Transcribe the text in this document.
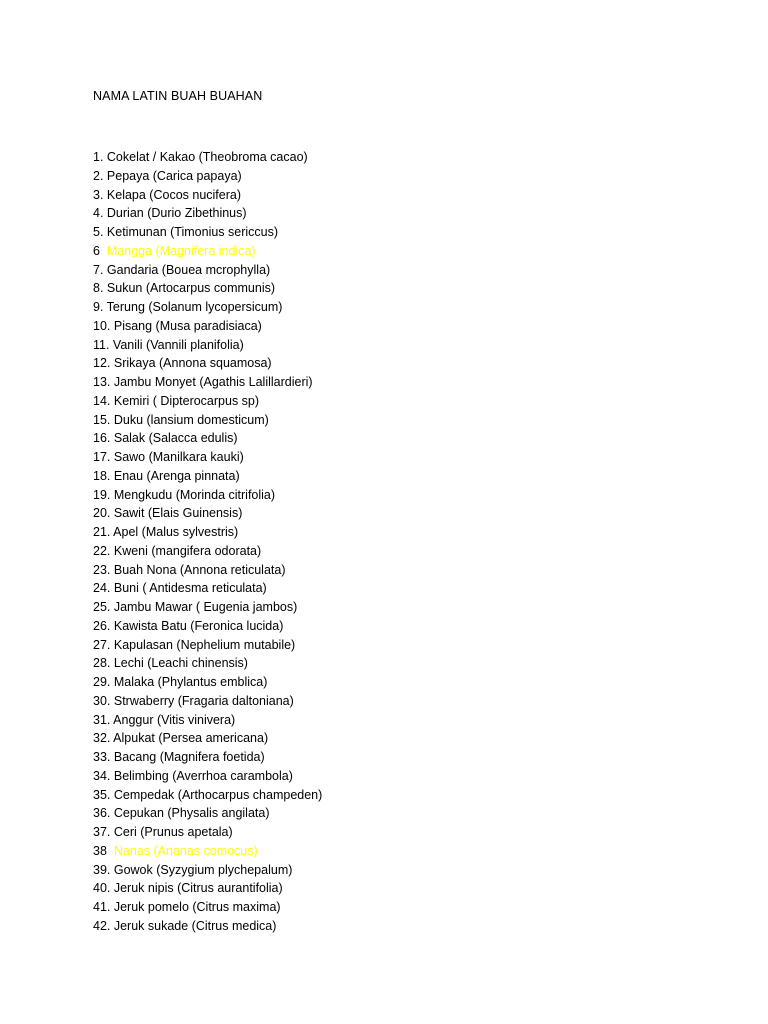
NAMA LATIN BUAH BUAHAN
1. Cokelat / Kakao (Theobroma cacao)
2. Pepaya (Carica papaya)
3. Kelapa (Cocos nucifera)
4. Durian (Durio Zibethinus)
5. Ketimunan (Timonius sericcus)
6  Mangga (Magnifera indica)
7. Gandaria (Bouea mcrophylla)
8. Sukun (Artocarpus communis)
9. Terung (Solanum lycopersicum)
10. Pisang (Musa paradisiaca)
11. Vanili (Vannili planifolia)
12. Srikaya (Annona squamosa)
13. Jambu Monyet (Agathis Lalillardieri)
14. Kemiri ( Dipterocarpus sp)
15. Duku (lansium domesticum)
16. Salak (Salacca edulis)
17. Sawo (Manilkara kauki)
18. Enau (Arenga pinnata)
19. Mengkudu (Morinda citrifolia)
20. Sawit (Elais Guinensis)
21. Apel (Malus sylvestris)
22. Kweni (mangifera odorata)
23. Buah Nona (Annona reticulata)
24. Buni ( Antidesma reticulata)
25. Jambu Mawar ( Eugenia jambos)
26. Kawista Batu (Feronica lucida)
27. Kapulasan (Nephelium mutabile)
28. Lechi (Leachi chinensis)
29. Malaka (Phylantus emblica)
30. Strwaberry (Fragaria daltoniana)
31. Anggur (Vitis vinivera)
32. Alpukat (Persea americana)
33. Bacang (Magnifera foetida)
34. Belimbing (Averrhoa carambola)
35. Cempedak (Arthocarpus champeden)
36. Cepukan (Physalis angilata)
37. Ceri (Prunus apetala)
38  Nanas (Ananas comocus)
39. Gowok (Syzygium plychepalum)
40. Jeruk nipis (Citrus aurantifolia)
41. Jeruk pomelo (Citrus maxima)
42. Jeruk sukade (Citrus medica)
